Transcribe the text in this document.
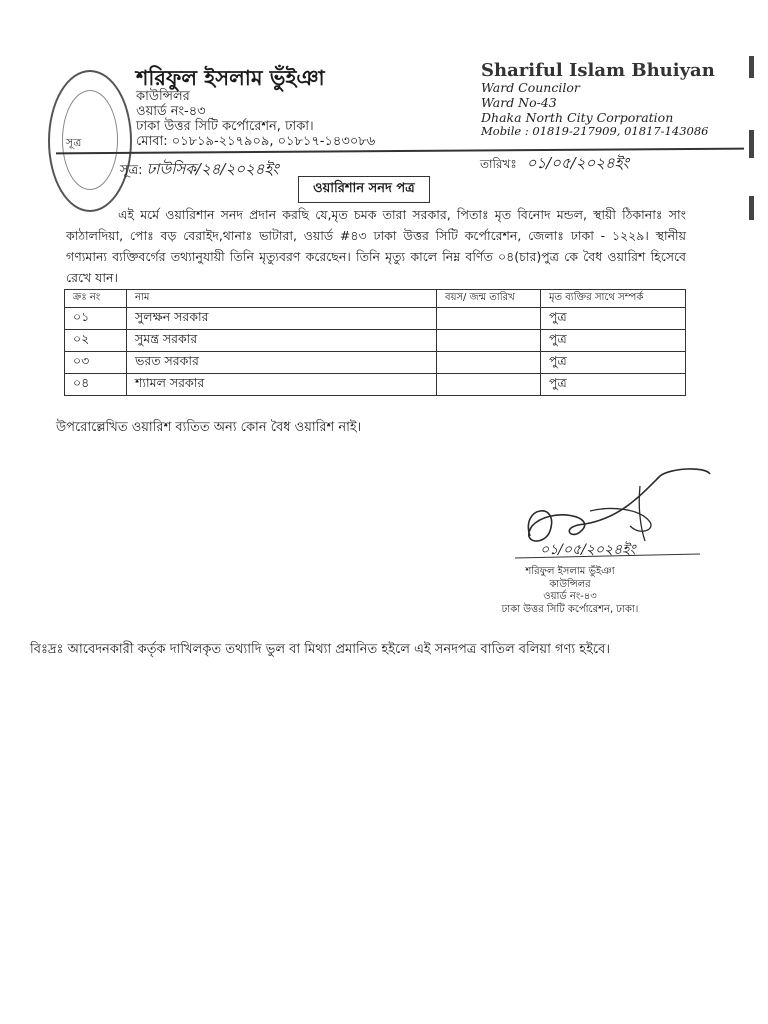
সূত্র
শরিফুল ইসলাম ভুঁইঞা
কাউন্সিলর
ওয়ার্ড নং-৪৩
ঢাকা উত্তর সিটি কর্পোরেশন, ঢাকা।
মোবা: ০১৮১৯-২১৭৯০৯, ০১৮১৭-১৪৩০৮৬
Shariful Islam Bhuiyan
Ward Councilor
Ward No-43
Dhaka North City Corporation
Mobile : 01819-217909, 01817-143086
সূত্র: ঢাউসিক/২৪/২০২৪ইং	তারিখঃ ০১/০৫/২০২৪ইং
ওয়ারিশান সনদ পত্র

এই মর্মে ওয়ারিশান সনদ প্রদান করছি যে,মৃত চমক তারা সরকার, পিতাঃ মৃত বিনোদ মন্ডল, স্থায়ী ঠিকানাঃ সাং কাঠালদিয়া, পোঃ বড় বেরাইদ,থানাঃ ভাটারা, ওয়ার্ড #৪৩ ঢাকা উত্তর সিটি কর্পোরেশন, জেলাঃ ঢাকা - ১২২৯। স্থানীয় গণ্যমান্য ব্যক্তিবর্গের তথ্যানুযায়ী তিনি মৃত্যুবরণ করেছেন। তিনি মৃত্যু কালে নিম্ন বর্ণিত ০৪(চার)পুত্র কে বৈধ ওয়ারিশ হিসেবে রেখে যান।

ক্রঃ নং	নাম	বয়স/ জন্ম তারিখ	মৃত ব্যক্তির সাথে সম্পর্ক
০১	সুলক্ষন সরকার		পুত্র
০২	সুমন্ত্র সরকার		পুত্র
০৩	ভরত সরকার		পুত্র
০৪	শ্যামল সরকার		পুত্র
উপরোল্লেখিত ওয়ারিশ ব্যতিত অন্য কোন বৈধ ওয়ারিশ নাই।
০১/০৫/২০২৪ইং
শরিফুল ইসলাম ভুঁইঞা
কাউন্সিলর
ওয়ার্ড নং-৪৩
ঢাকা উত্তর সিটি কর্পোরেশন, ঢাকা।

বিঃদ্রঃ আবেদনকারী কর্তৃক দাখিলকৃত তথ্যাদি ভুল বা মিথ্যা প্রমানিত হইলে এই সনদপত্র বাতিল বলিয়া গণ্য হইবে।
